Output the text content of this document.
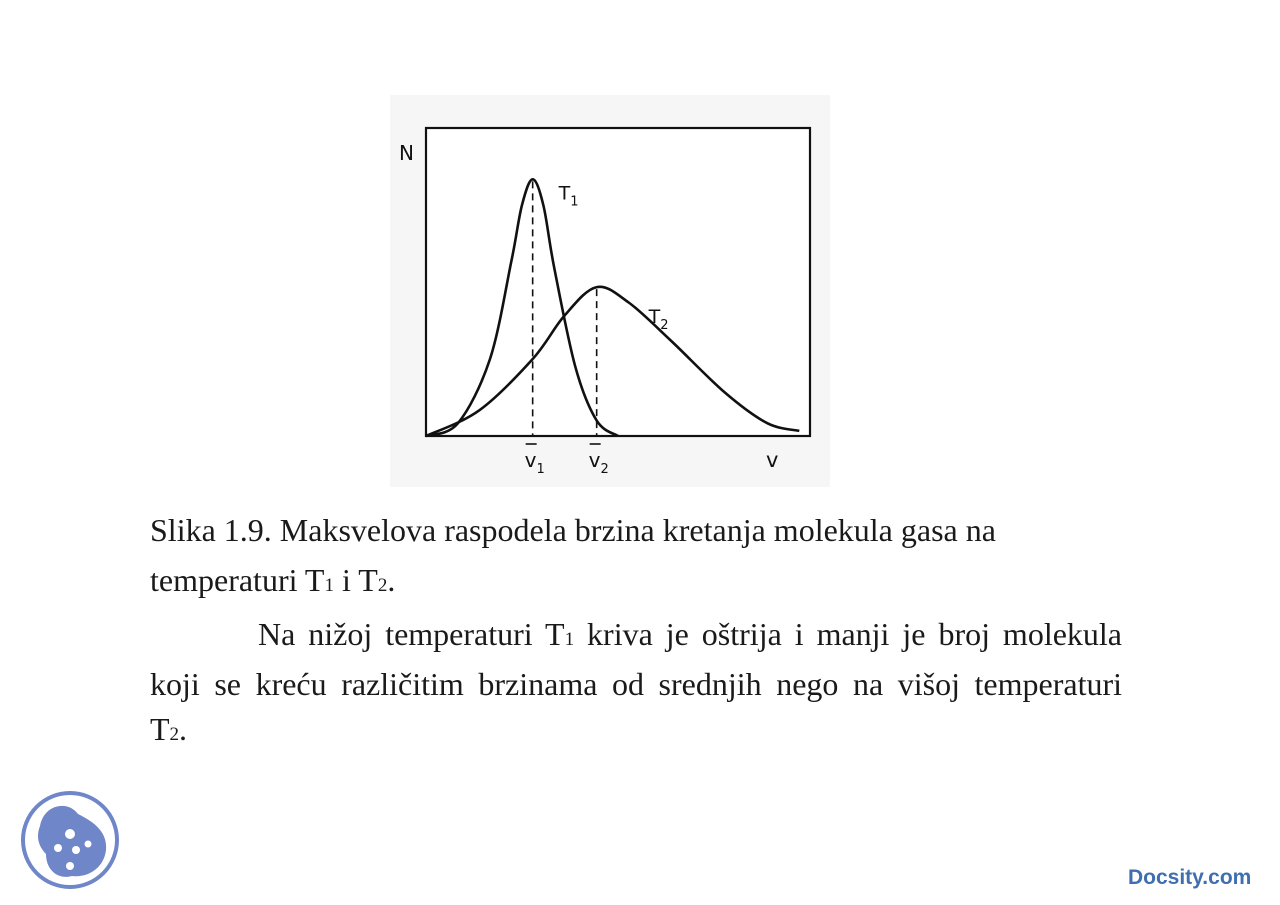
N
v
$T_1$
$T_2$
$v_1$ $v_2$
Slika 1.9. Maksvelova raspodela brzina kretanja molekula gasa na temperaturi T1 i T2.
Na nižoj temperaturi T1 kriva je oštrija i manji je broj molekula koji se kreću različitim brzinama od srednjih nego na višoj temperaturi T2.
Docsity.com
